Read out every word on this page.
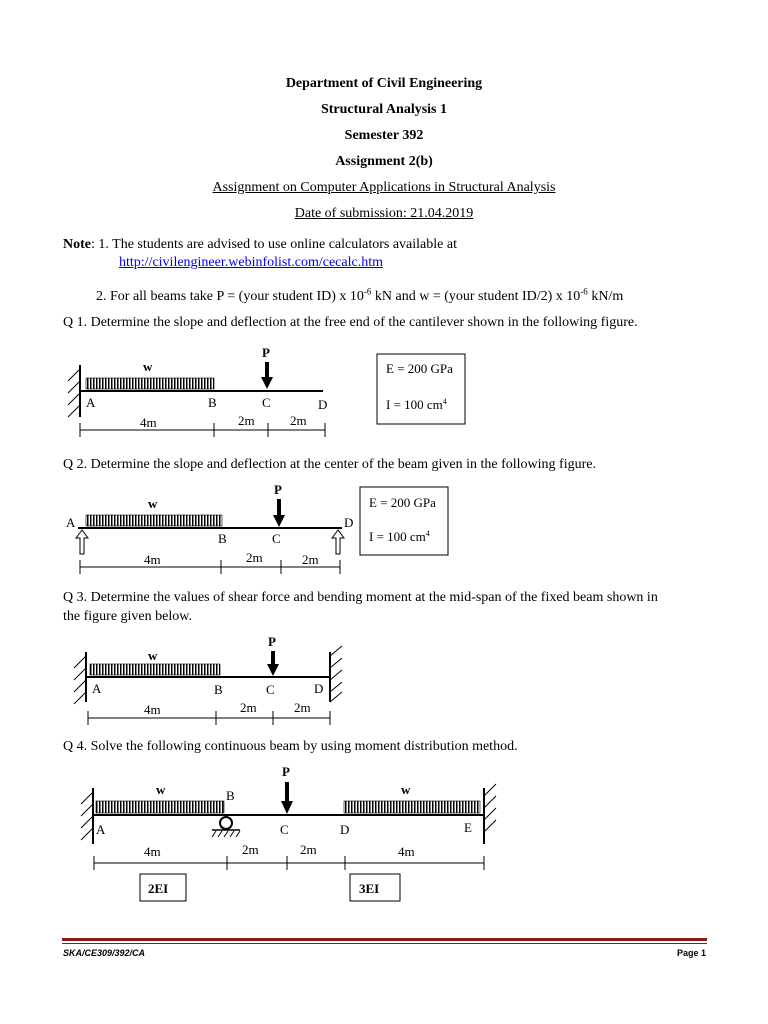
Department of Civil Engineering
Structural Analysis 1
Semester 392
Assignment 2(b)
Assignment on Computer Applications in Structural Analysis
Date of submission: 21.04.2019
Note: 1. The students are advised to use online calculators available at
http://civilengineer.webinfolist.com/cecalc.htm
2. For all beams take P = (your student ID) x $10^{-6}$ kN and w = (your student ID/2) x $10^{-6}$ kN/m
Q 1. Determine the slope and deflection at the free end of the cantilever shown in the following figure.
w
P
A	B	C	D
4m	2m	2m
E = 200 GPa
I = 100 $cm^4$
Q 2. Determine the slope and deflection at the center of the beam given in the following figure.
w
P
A
B	C
D
4m	2m	2m
E = 200 GPa
I = 100 $cm^4$
Q 3. Determine the values of shear force and bending moment at the mid-span of the fixed beam shown in
the figure given below.
w
P
A	B	C	D
4m	2m	2m
Q 4. Solve the following continuous beam by using moment distribution method.
w	w
P
A
B
C	D	E
4m	2m	2m	4m
2EI	3EI
SKA/CE309/392/CA	Page 1
